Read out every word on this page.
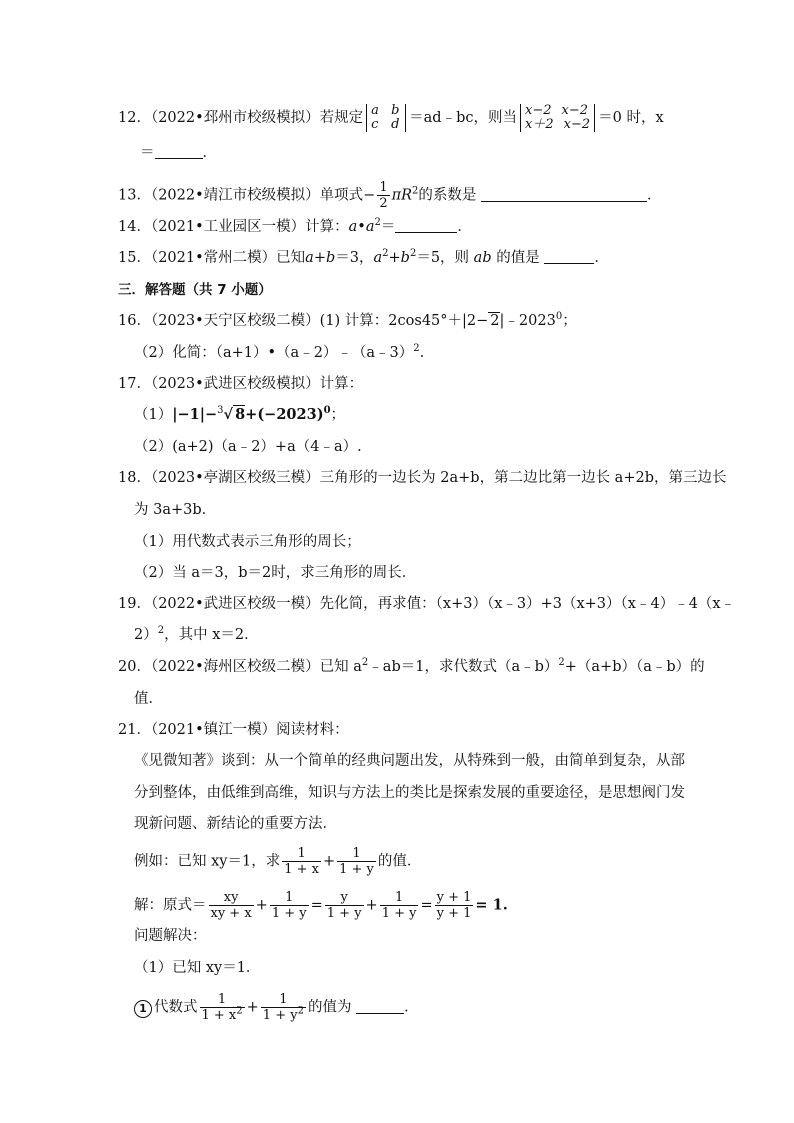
12．（2022•邳州市校级模拟）若规定 a b
c d ＝ad﹣bc，则当 x−2 x−2
x＋2 x−2 ＝0 时，x
＝	．
13．（2022•靖江市校级模拟）单项式− $\frac{1}{2} \pi R^2$的系数是	．
14．（2021•工业园区一模）计算：$a•a^2=$	．
15．（2021•常州二模）已知a+b＝3，$a^2+b^2=5$，则 ab 的值是	．
三．解答题（共 7 小题）
16．（2023•天宁区校级二模）(1) 计算：$2\cos 45^\circ+|2- 2|﹣2023^0$；
（2）化简：（a+1）•（a﹣2）﹣（a﹣3）$^2$.
17．（2023•武进区校级模拟）计算：
（1）|−1|−$^3$√ $8+(-2023)^0$；
（2）(a+2)（a﹣2）+a（4﹣a）.
18．（2023•亭湖区校级三模）三角形的一边长为 2a+b，第二边比第一边长 a+2b，第三边长
为 3a+3b．
（1）用代数式表示三角形的周长；
（2）当 a＝3，b＝2时，求三角形的周长．
19．（2022•武进区校级一模）先化简，再求值：（x+3）（x﹣3）+3（x+3）（x﹣4）﹣4（x﹣
2）$^2$，其中 x＝2．
20．（2022•海州区校级二模）已知 $a^2﹣ab=1$，求代数式（a﹣b）$^2$+（a+b）（a﹣b）的
值．
21．（2021•镇江一模）阅读材料：
《见微知著》谈到：从一个简单的经典问题出发，从特殊到一般，由简单到复杂，从部
分到整体，由低维到高维，知识与方法上的类比是探索发展的重要途径，是思想阀门发
现新问题、新结论的重要方法．
例如：已知 xy＝1，求 $\frac{1}{1 + x} + \frac{1}{1 + y}$ 的值．
解：原式＝ $\frac{xy}{xy + x} + \frac{1}{1 + y} = \frac{y}{1 + y} + \frac{1}{1 + y} = \frac{y + 1}{y + 1} = 1$.
问题解决：
（1）已知 xy＝1．
1 代数式 $\frac{1}{1 + x^2} + \frac{1}{1 + y^2}$ 的值为	．
